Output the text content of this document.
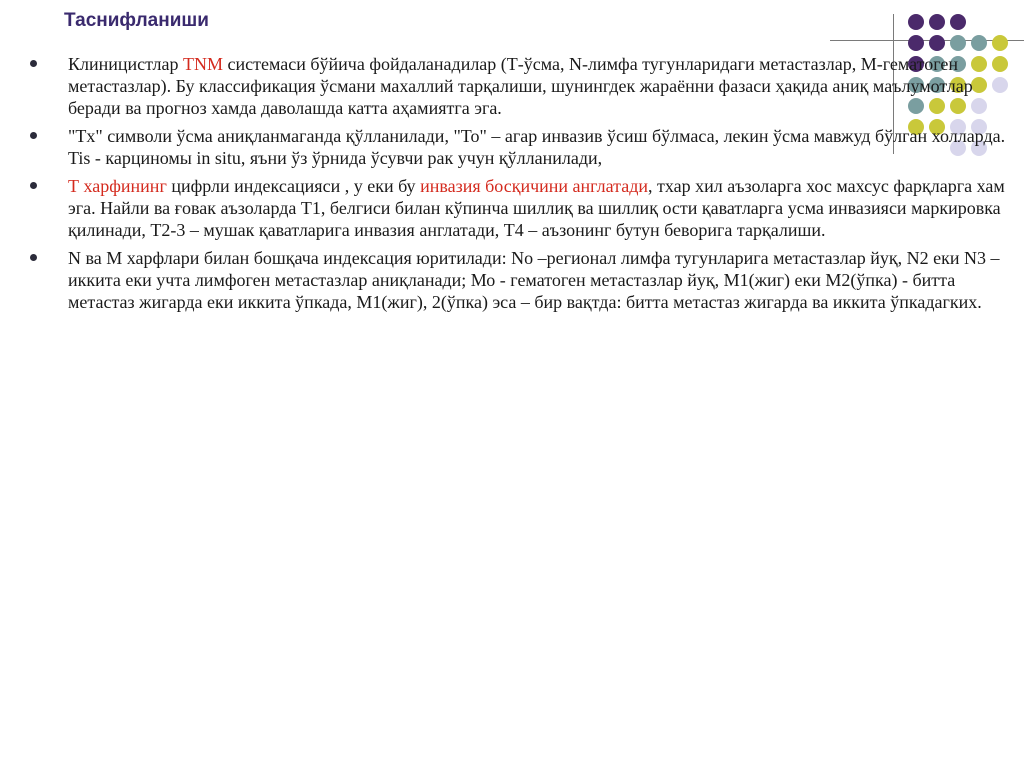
Таснифланиши
Клиницистлар TNM системаси бўйича фойдаланадилар (Т-ўсма, N-лимфа тугунларидаги метастазлар, М-гематоген метастазлар). Бу классификация ўсмани махаллий тарқалиши, шунингдек жараённи фазаси ҳақида аниқ маълумотлар беради ва прогноз хамда даволашда катта аҳамиятга эга.
"Tx" символи ўсма аниқланмаганда қўлланилади, "To" – агар инвазив ўсиш бўлмаса, лекин ўсма мавжуд бўлган холларда. Tis - карциномы in situ, яъни ўз ўрнида ўсувчи рак учун қўлланилади,
Т харфининг цифрли индексацияси , у еки бу инвазия босқичини англатади, тхар хил аъзоларга хос махсус фарқларга хам эга. Найли ва ғовак аъзоларда Т1, белгиси билан кўпинча шиллиқ ва шиллиқ ости қаватларга усма инвазияси маркировка қилинади, Т2-3 – мушак қаватларига инвазия англатади, Т4 – аъзонинг бутун беворига тарқалиши.
N ва М харфлари билан бошқача индексация юритилади: No –регионал лимфа тугунларига метастазлар йуқ, N2 еки N3 – иккита еки учта лимфоген метастазлар аниқланади; Мо - гематоген метастазлар йуқ, М1(жиг) еки М2(ўпка) - битта метастаз жигарда еки иккита ўпкада, М1(жиг), 2(ўпка) эса – бир вақтда: битта метастаз жигарда ва иккита ўпкадагких.
